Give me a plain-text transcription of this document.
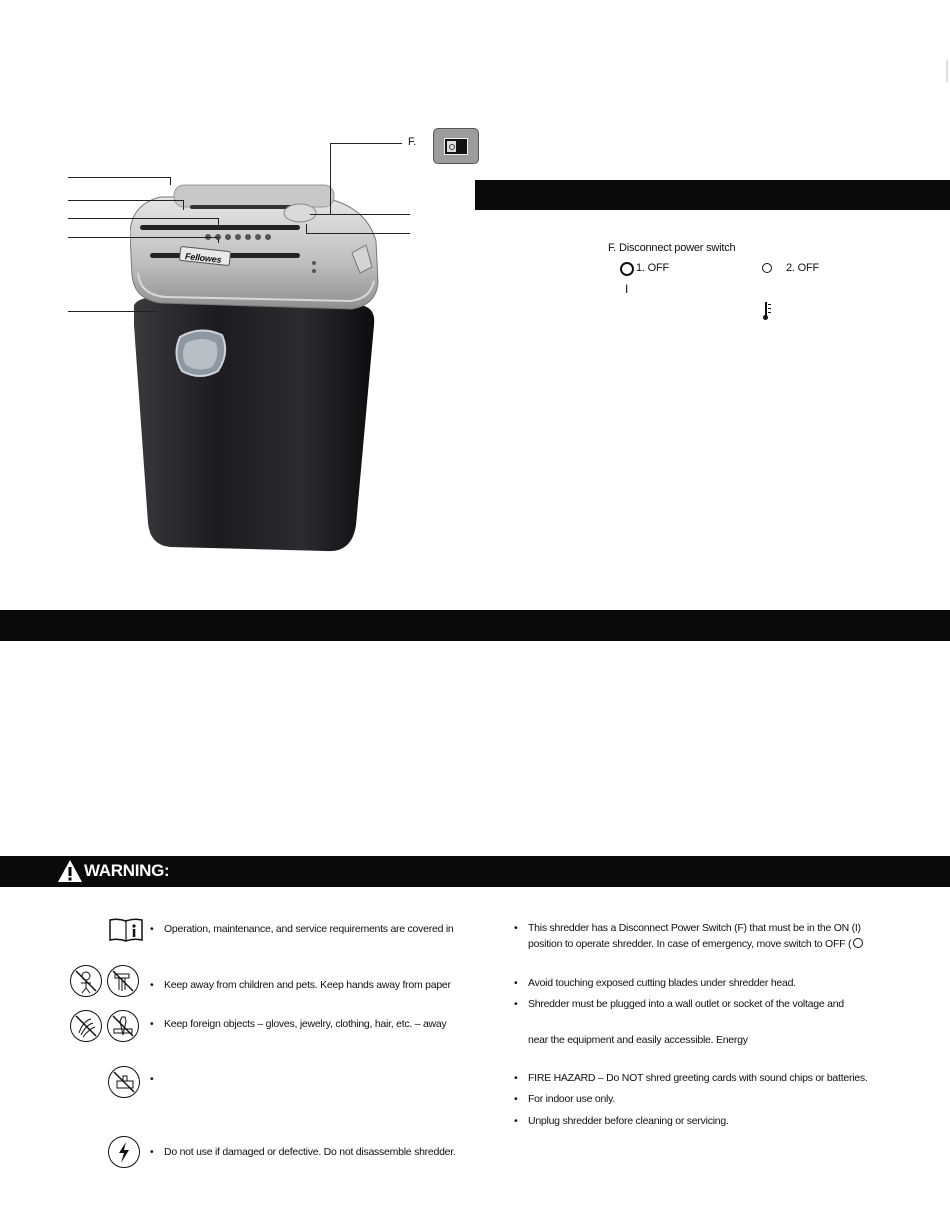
Fellowes
F.
F. Disconnect power switch
1. OFF	2. OFF
I
WARNING:
• Operation, maintenance, and service requirements are covered in
• Keep away from children and pets. Keep hands away from paper
• Keep foreign objects – gloves, jewelry, clothing, hair, etc. – away
•
• Do not use if damaged or defective. Do not disassemble shredder.
• This shredder has a Disconnect Power Switch (F) that must be in the ON (I)
position to operate shredder. In case of emergency, move switch to OFF (
• Avoid touching exposed cutting blades under shredder head.
• Shredder must be plugged into a wall outlet or socket of the voltage and
near the equipment and easily accessible. Energy
• FIRE HAZARD – Do NOT shred greeting cards with sound chips or batteries.
• For indoor use only.
• Unplug shredder before cleaning or servicing.
